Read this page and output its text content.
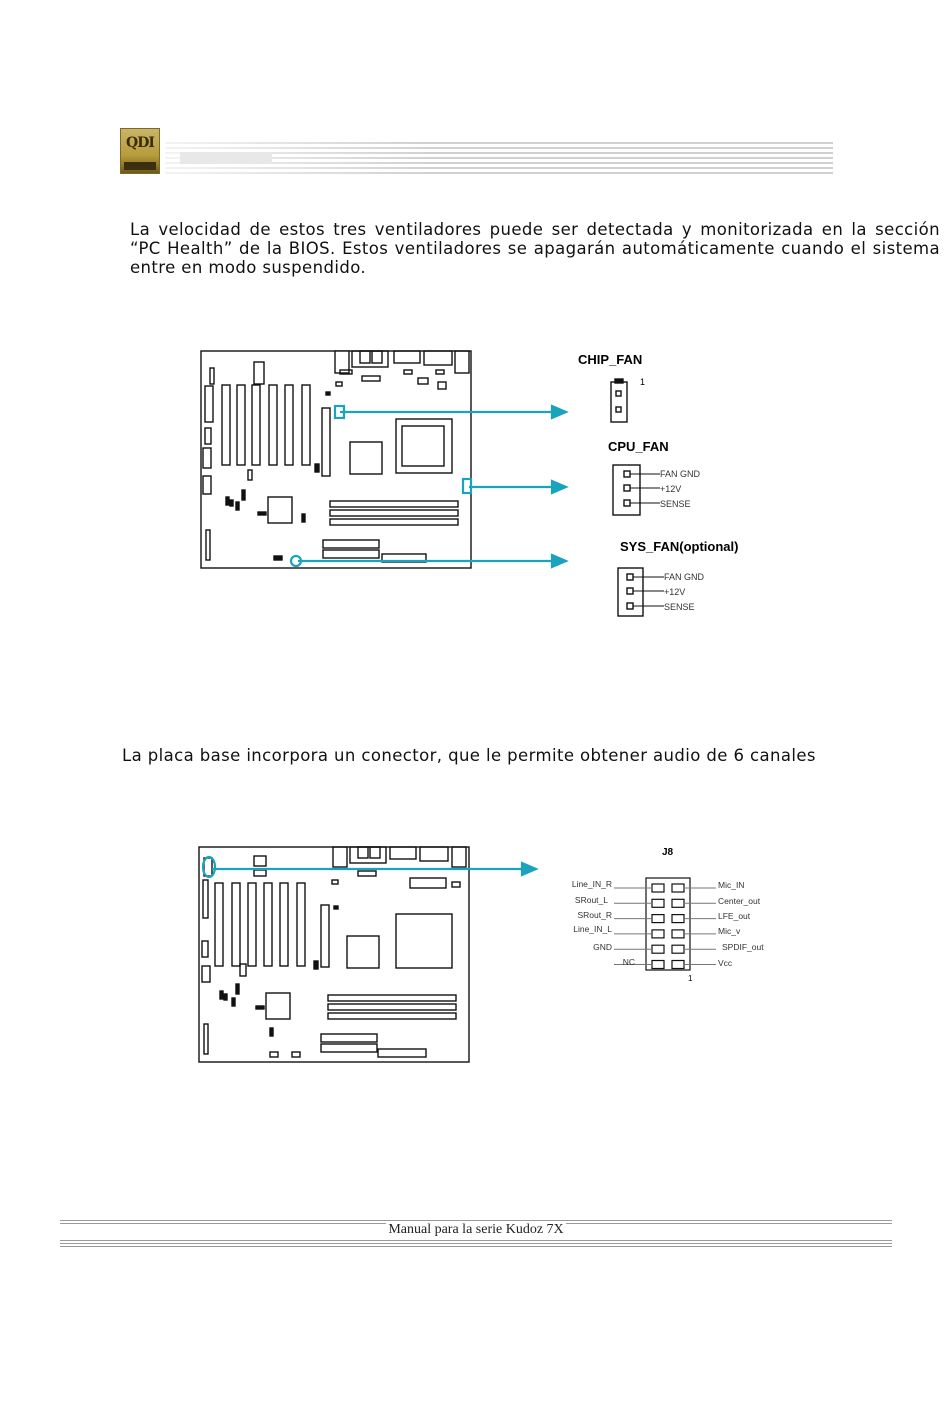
QDI
La velocidad de estos tres ventiladores puede ser detectada y monitorizada en la sección “PC Health” de la BIOS. Estos ventiladores se apagarán automáticamente cuando el sistema entre en modo suspendido.
CHIP_FAN
1
CPU_FAN
FAN GND
+12V
SENSE
SYS_FAN(optional)
FAN GND
+12V
SENSE
La placa base incorpora un conector, que le permite obtener audio de 6 canales
J8
1
Line_IN_R
SRout_L
SRout_R
Line_IN_L
GND
NC
Mic_IN
Center_out
LFE_out
Mic_v
SPDIF_out
Vcc
Manual para la serie Kudoz 7X
